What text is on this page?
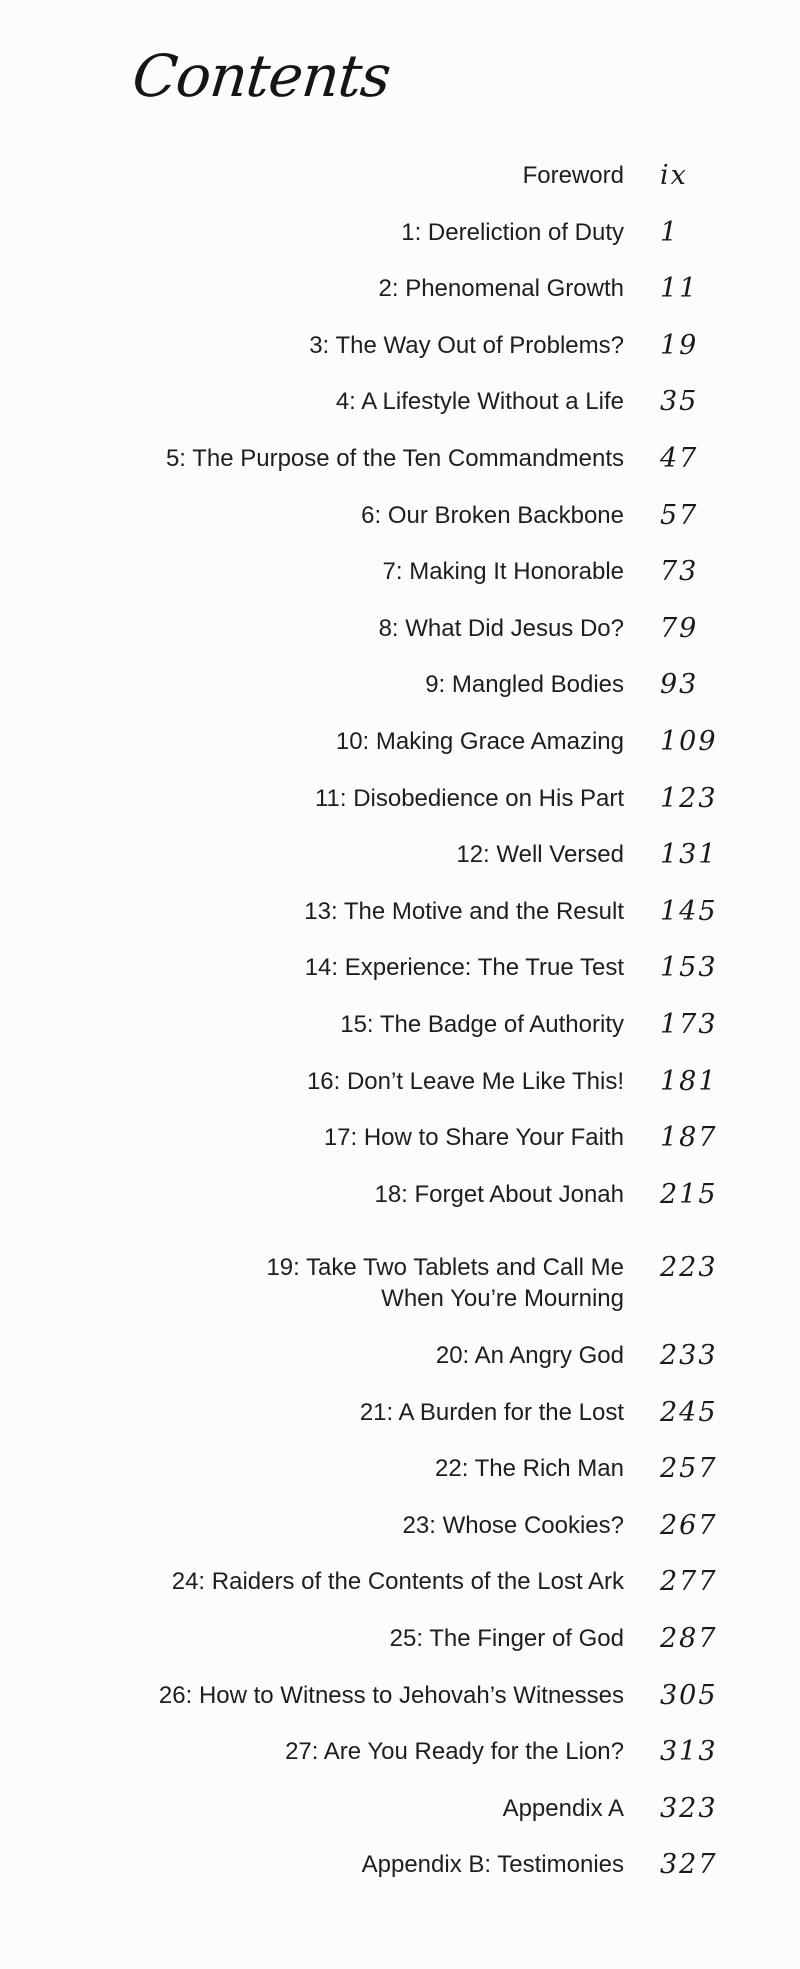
Contents
Foreword ix
1: Dereliction of Duty 1
2: Phenomenal Growth 11
3: The Way Out of Problems? 19
4: A Lifestyle Without a Life 35
5: The Purpose of the Ten Commandments 47
6: Our Broken Backbone 57
7: Making It Honorable 73
8: What Did Jesus Do? 79
9: Mangled Bodies 93
10: Making Grace Amazing 109
11: Disobedience on His Part 123
12: Well Versed 131
13: The Motive and the Result 145
14: Experience: The True Test 153
15: The Badge of Authority 173
16: Don’t Leave Me Like This! 181
17: How to Share Your Faith 187
18: Forget About Jonah 215
19: Take Two Tablets and Call Me
When You’re Mourning
223
20: An Angry God 233
21: A Burden for the Lost 245
22: The Rich Man 257
23: Whose Cookies? 267
24: Raiders of the Contents of the Lost Ark 277
25: The Finger of God 287
26: How to Witness to Jehovah’s Witnesses 305
27: Are You Ready for the Lion? 313
Appendix A 323
Appendix B: Testimonies 327
